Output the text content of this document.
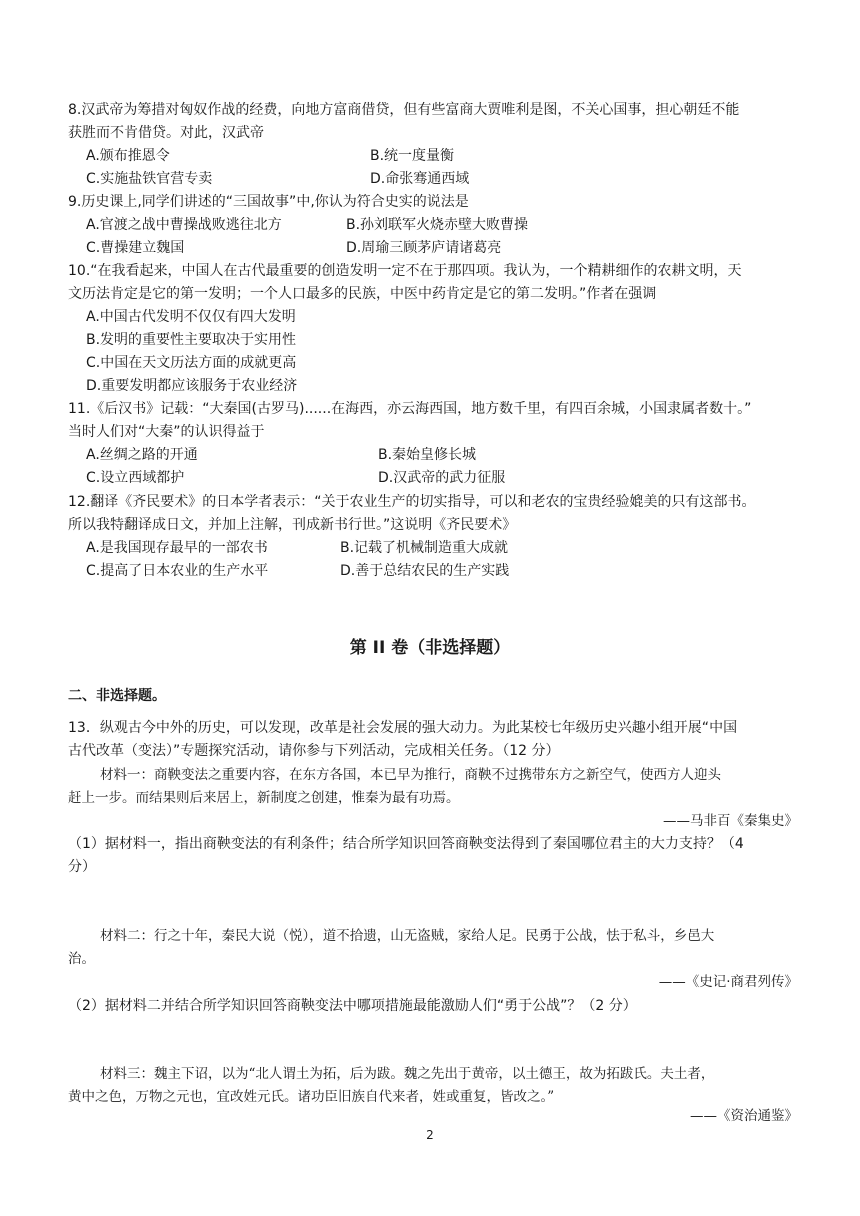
8.汉武帝为筹措对匈奴作战的经费，向地方富商借贷，但有些富商大贾唯利是图，不关心国事，担心朝廷不能
获胜而不肯借贷。对此，汉武帝
A.颁布推恩令	B.统一度量衡
C.实施盐铁官营专卖	D.命张骞通西域
9.历史课上,同学们讲述的“三国故事”中,你认为符合史实的说法是
A.官渡之战中曹操战败逃往北方	B.孙刘联军火烧赤壁大败曹操
C.曹操建立魏国	D.周瑜三顾茅庐请诸葛亮
10.“在我看起来，中国人在古代最重要的创造发明一定不在于那四项。我认为，一个精耕细作的农耕文明，天
文历法肯定是它的第一发明；一个人口最多的民族，中医中药肯定是它的第二发明。”作者在强调
A.中国古代发明不仅仅有四大发明
B.发明的重要性主要取决于实用性
C.中国在天文历法方面的成就更高
D.重要发明都应该服务于农业经济
11.《后汉书》记载：“大秦国(古罗马)......在海西，亦云海西国，地方数千里，有四百余城，小国隶属者数十。”
当时人们对“大秦”的认识得益于
A.丝绸之路的开通	B.秦始皇修长城
C.设立西域都护	D.汉武帝的武力征服
12.翻译《齐民要术》的日本学者表示：“关于农业生产的切实指导，可以和老农的宝贵经验媲美的只有这部书。
所以我特翻译成日文，并加上注解，刊成新书行世。”这说明《齐民要术》
A.是我国现存最早的一部农书	B.记载了机械制造重大成就
C.提高了日本农业的生产水平	D.善于总结农民的生产实践
第 II 卷（非选择题）
二、非选择题。
13．纵观古今中外的历史，可以发现，改革是社会发展的强大动力。为此某校七年级历史兴趣小组开展“中国
古代改革（变法）”专题探究活动，请你参与下列活动，完成相关任务。（12 分）
材料一：商鞅变法之重要内容，在东方各国，本已早为推行，商鞅不过携带东方之新空气，使西方人迎头
赶上一步。而结果则后来居上，新制度之创建，惟秦为最有功焉。
——马非百《秦集史》
（1）据材料一，指出商鞅变法的有利条件；结合所学知识回答商鞅变法得到了秦国哪位君主的大力支持？（4
分）
材料二：行之十年，秦民大说（悦），道不拾遗，山无盗贼，家给人足。民勇于公战，怯于私斗，乡邑大
治。
——《史记·商君列传》
（2）据材料二并结合所学知识回答商鞅变法中哪项措施最能激励人们“勇于公战”？（2 分）
材料三：魏主下诏，以为“北人谓土为拓，后为跋。魏之先出于黄帝，以土德王，故为拓跋氏。夫土者，
黄中之色，万物之元也，宜改姓元氏。诸功臣旧族自代来者，姓或重复，皆改之。”
——《资治通鉴》
2
